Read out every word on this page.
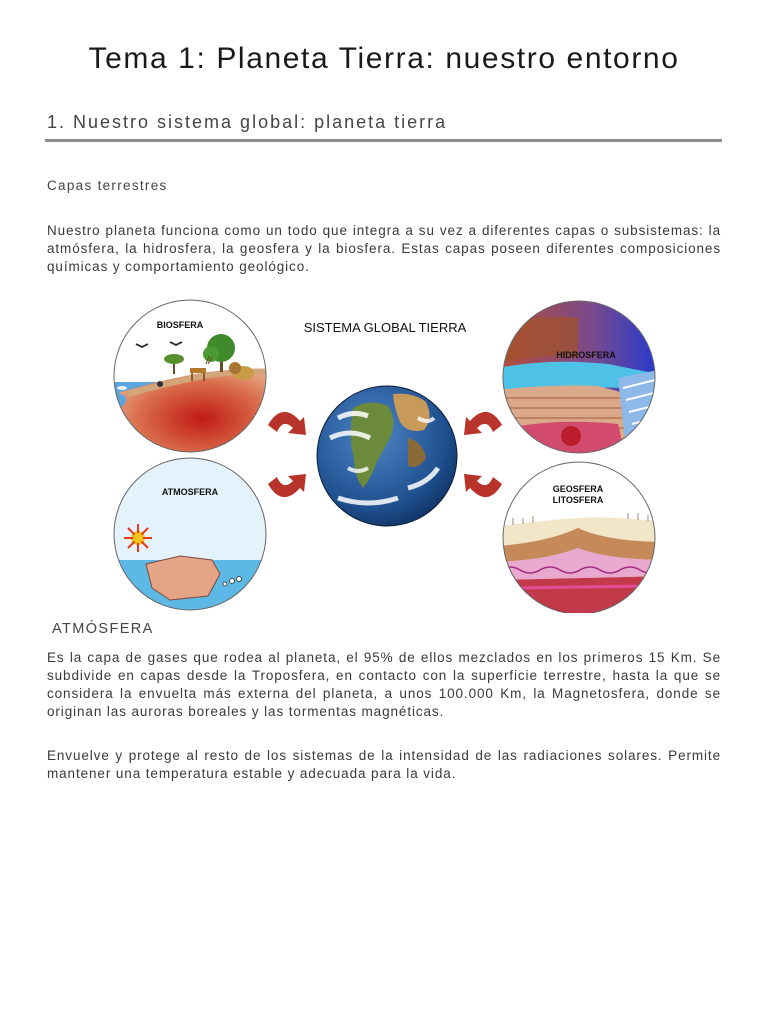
Tema 1: Planeta Tierra: nuestro entorno
1. Nuestro sistema global: planeta tierra
Capas terrestres

Nuestro planeta funciona como un todo que integra a su vez a diferentes capas o subsistemas: la atmósfera, la hidrosfera, la geosfera y la biosfera. Estas capas poseen diferentes composiciones químicas y comportamiento geológico.

SISTEMA GLOBAL TIERRA
BIOSFERA
HIDROSFERA
ATMOSFERA	GEOSFERA
LITOSFERA
ATMÓSFERA

Es la capa de gases que rodea al planeta, el 95% de ellos mezclados en los primeros 15 Km. Se subdivide en capas desde la Troposfera, en contacto con la superficie terrestre, hasta la que se considera la envuelta más externa del planeta, a unos 100.000 Km, la Magnetosfera, donde se originan las auroras boreales y las tormentas magnéticas.

Envuelve y protege al resto de los sistemas de la intensidad de las radiaciones solares. Permite mantener una temperatura estable y adecuada para la vida.
